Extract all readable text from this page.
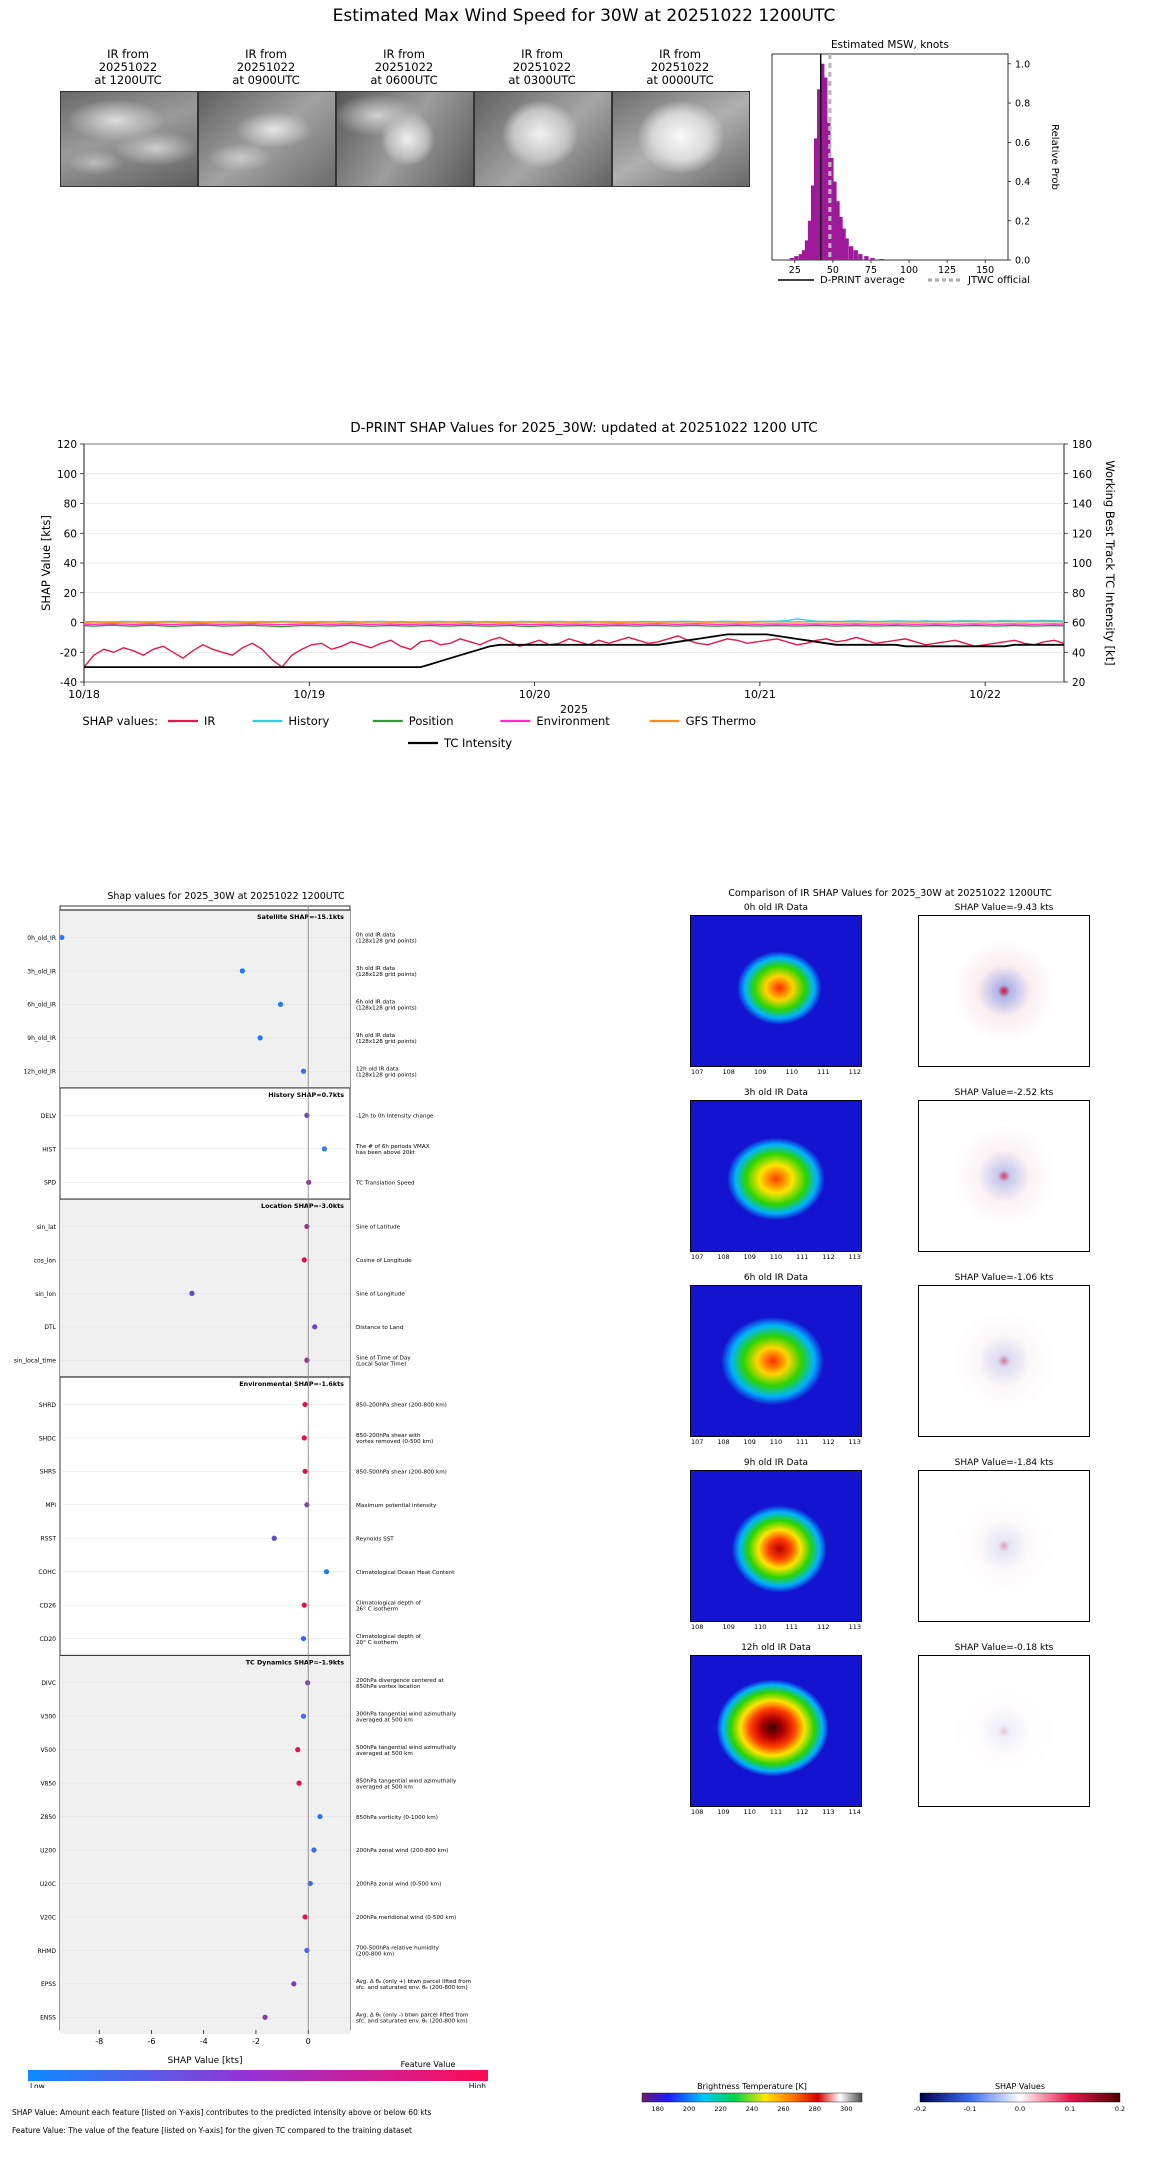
Estimated Max Wind Speed for 30W at 20251022 1200UTC
IR from
20251022
at 1200UTC
IR from
20251022
at 0900UTC
IR from
20251022
at 0600UTC
IR from
20251022
at 0300UTC
IR from
20251022
at 0000UTC
Estimated MSW, knots
25	50	75 100 125 150
0.0
0.2
0.4
0.6
0.8
1.0
Relative Prob
D-PRINT average	JTWC official
D-PRINT SHAP Values for 2025_30W: updated at 20251022 1200 UTC
-40
-20
0
20
40
60
80
100
120
20
40
60
80
100
120
140
160
180
10/18	10/19	10/20	10/21	10/22
SHAP Value [kts]	Working Best Track TC Intensity [kt]
2025
SHAP values:	IR	History	Position	Environment	GFS Thermo
TC Intensity
Shap values for 2025_30W at 20251022 1200UTC
Satellite SHAP=-15.1kts
History SHAP=0.7kts
Location SHAP=-3.0kts
Environmental SHAP=-1.6kts
TC Dynamics SHAP=-1.9kts
0h_old_IR	0h old IR data
(128x128 grid points)
3h_old_IR	3h old IR data
(128x128 grid points)
6h_old_IR	6h old IR data
(128x128 grid points)
9h_old_IR	9h old IR data
(128x128 grid points)
12h_old_IR	12h old IR data
(128x128 grid points)
DELV	-12h to 0h Intensity change
HIST	The # of 6h periods VMAX
has been above 20kt
SPD	TC Translation Speed
sin_lat	Sine of Latitude
cos_lon	Cosine of Longitude
sin_lon	Sine of Longitude
DTL	Distance to Land
sin_local_time	Sine of Time of Day
(Local Solar Time)
SHRD	850-200hPa shear (200-800 km)
SHDC	850-200hPa shear with
vortex removed (0-500 km)
SHRS	850-500hPa shear (200-800 km)
MPI	Maximum potential intensity
RSST	Reynolds SST
COHC	Climatological Ocean Heat Content
CD26	Climatological depth of
26° C isotherm
CD20	Climatological depth of
20° C isotherm
DIVC	200hPa divergence centered at
850hPa vortex location
V300	300hPa tangential wind azimuthally
averaged at 500 km
V500	500hPa tangential wind azimuthally
averaged at 500 km
V850	850hPa tangential wind azimuthally
averaged at 500 km
Z850	850hPa vorticity (0-1000 km)
U200	200hPa zonal wind (200-800 km)
U20C	200hPa zonal wind (0-500 km)
V20C	200hPa meridional wind (0-500 km)
RHMD	700-500hPa relative humidity
(200-800 km)
EPSS	Avg. Δ θₑ (only +) btwn parcel lifted from
sfc. and saturated env. θₑ (200-800 km)
ENSS	Avg. Δ θₑ (only -) btwn parcel lifted from
sfc. and saturated env. θₑ (200-800 km)
-8	-6	-4	-2	0
SHAP Value [kts]	Feature Value
Low	High
SHAP Value: Amount each feature [listed on Y-axis] contributes to the predicted intensity above or below 60 kts
Feature Value: The value of the feature [listed on Y-axis] for the given TC compared to the training dataset
Comparison of IR SHAP Values for 2025_30W at 20251022 1200UTC
0h old IR Data
107	108	109	110	111	112
SHAP Value=-9.43 kts
3h old IR Data
107 108 109 110 111 112 113
SHAP Value=-2.52 kts
6h old IR Data
107 108 109 110 111 112 113
SHAP Value=-1.06 kts
9h old IR Data
108	109	110	111	112	113
SHAP Value=-1.84 kts
12h old IR Data
108 109 110 111 112 113 114
SHAP Value=-0.18 kts
Brightness Temperature [K]
180	200	220	240	260	280	300
SHAP Values
-0.2	-0.1	0.0	0.1	0.2
